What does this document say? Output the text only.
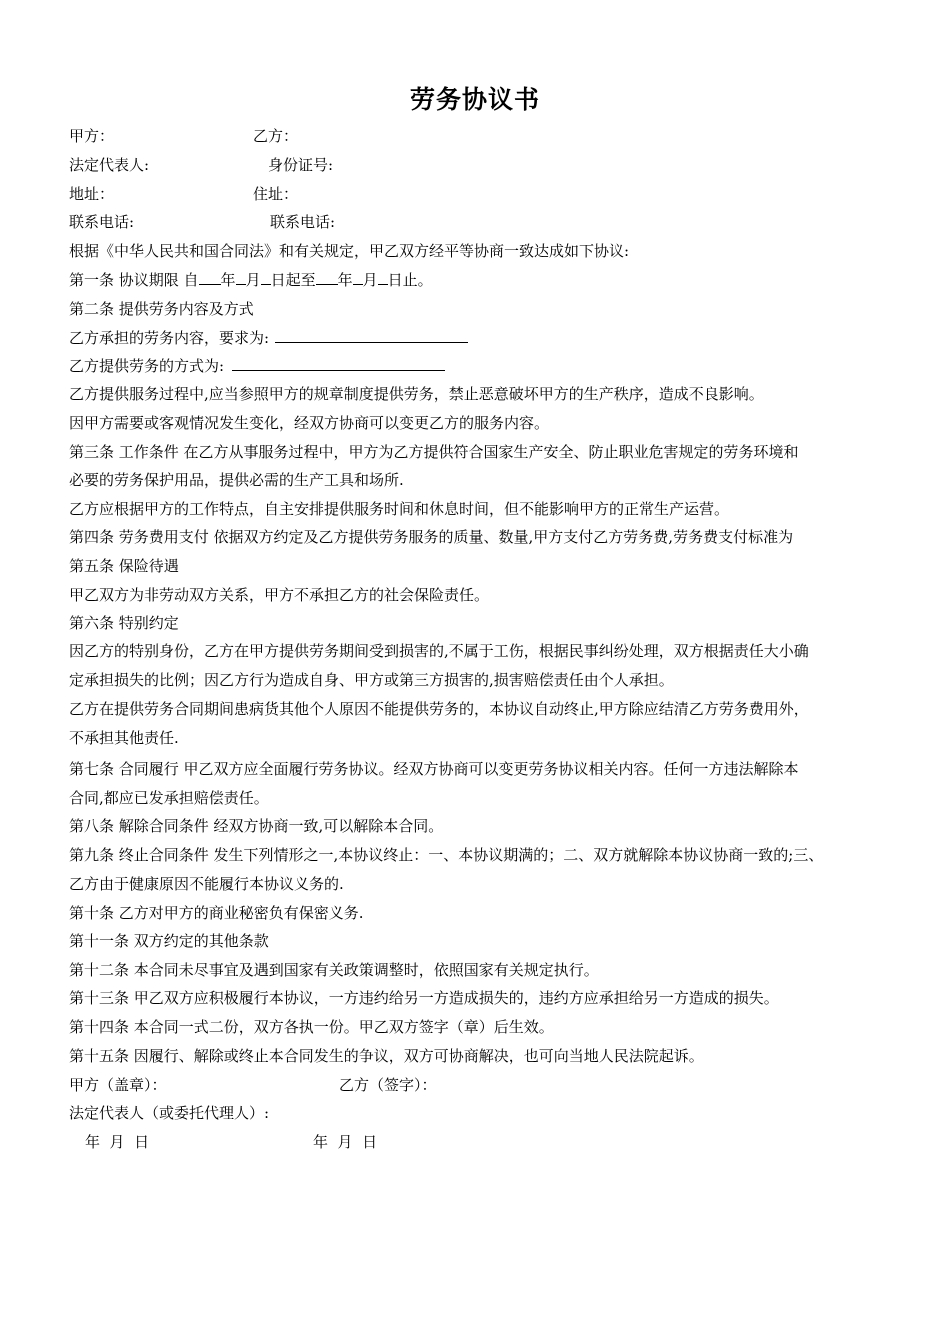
劳务协议书
甲方：	乙方：
法定代表人:	身份证号:
地址：	住址：
联系电话:	联系电话:
根据《中华人民共和国合同法》和有关规定，甲乙双方经平等协商一致达成如下协议:
第一条 协议期限 自 年 月 日起至 年 月 日止。
第二条 提供劳务内容及方式
乙方承担的劳务内容，要求为:
乙方提供劳务的方式为:
乙方提供服务过程中,应当参照甲方的规章制度提供劳务，禁止恶意破坏甲方的生产秩序，造成不良影响。
因甲方需要或客观情况发生变化，经双方协商可以变更乙方的服务内容。
第三条 工作条件 在乙方从事服务过程中，甲方为乙方提供符合国家生产安全、防止职业危害规定的劳务环境和
必要的劳务保护用品，提供必需的生产工具和场所.
乙方应根据甲方的工作特点，自主安排提供服务时间和休息时间，但不能影响甲方的正常生产运营。
第四条 劳务费用支付 依据双方约定及乙方提供劳务服务的质量、数量,甲方支付乙方劳务费,劳务费支付标准为
第五条 保险待遇
甲乙双方为非劳动双方关系，甲方不承担乙方的社会保险责任。
第六条 特别约定
因乙方的特别身份，乙方在甲方提供劳务期间受到损害的,不属于工伤，根据民事纠纷处理，双方根据责任大小确
定承担损失的比例；因乙方行为造成自身、甲方或第三方损害的,损害赔偿责任由个人承担。
乙方在提供劳务合同期间患病货其他个人原因不能提供劳务的，本协议自动终止,甲方除应结清乙方劳务费用外，
不承担其他责任.
第七条 合同履行 甲乙双方应全面履行劳务协议。经双方协商可以变更劳务协议相关内容。任何一方违法解除本
合同,都应已发承担赔偿责任。
第八条 解除合同条件 经双方协商一致,可以解除本合同。
第九条 终止合同条件 发生下列情形之一,本协议终止：一、本协议期满的；二、双方就解除本协议协商一致的;三、
乙方由于健康原因不能履行本协议义务的.
第十条 乙方对甲方的商业秘密负有保密义务.
第十一条 双方约定的其他条款
第十二条 本合同未尽事宜及遇到国家有关政策调整时，依照国家有关规定执行。
第十三条 甲乙双方应积极履行本协议，一方违约给另一方造成损失的，违约方应承担给另一方造成的损失。
第十四条 本合同一式二份，双方各执一份。甲乙双方签字（章）后生效。
第十五条 因履行、解除或终止本合同发生的争议，双方可协商解决，也可向当地人民法院起诉。
甲方（盖章）：	乙方（签字）：
法定代表人（或委托代理人）:
年  月  日	年  月  日
